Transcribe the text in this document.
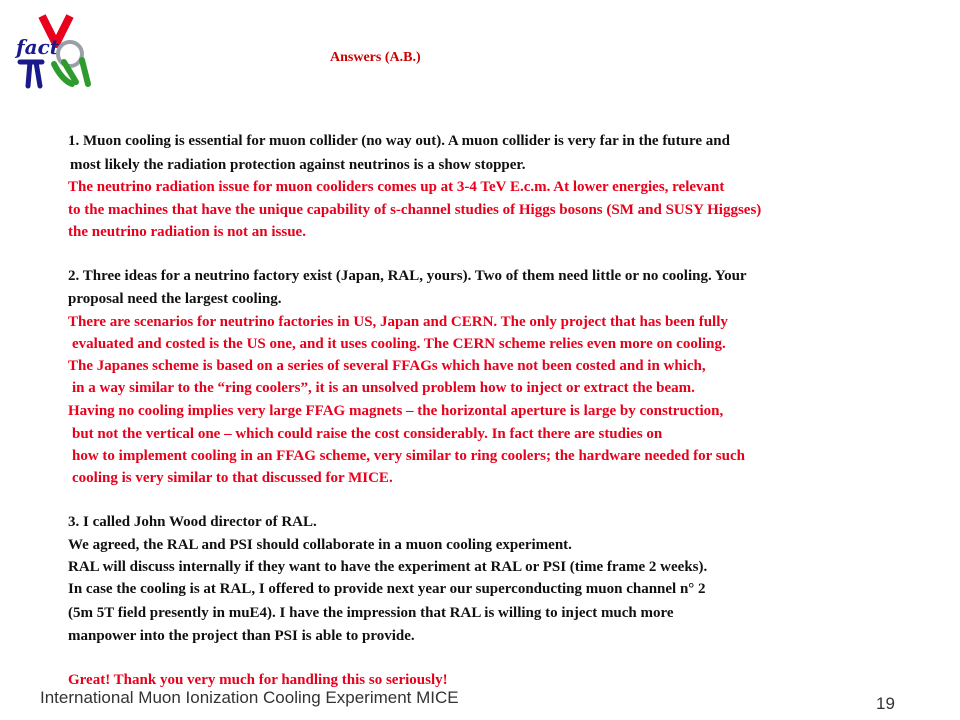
fact	Answers (A.B.)
1. Muon cooling is essential for muon collider (no way out). A muon collider is very far in the future and
most likely the radiation protection against neutrinos is a show stopper.
The neutrino radiation issue for muon cooliders comes up at 3-4 TeV E.c.m. At lower energies, relevant
to the machines that have the unique capability of s-channel studies of Higgs bosons (SM and SUSY Higgses)
the neutrino radiation is not an issue.
2. Three ideas for a neutrino factory exist (Japan, RAL, yours). Two of them need little or no cooling. Your
proposal need the largest cooling.
There are scenarios for neutrino factories in US, Japan and CERN. The only project that has been fully
evaluated and costed is the US one, and it uses cooling. The CERN scheme relies even more on cooling.
The Japanes scheme is based on a series of several FFAGs which have not been costed and in which,
in a way similar to the “ring coolers”, it is an unsolved problem how to inject or extract the beam.
Having no cooling implies very large FFAG magnets – the horizontal aperture is large by construction,
but not the vertical one – which could raise the cost considerably. In fact there are studies on
how to implement cooling in an FFAG scheme, very similar to ring coolers; the hardware needed for such
cooling is very similar to that discussed for MICE.
3. I called John Wood director of RAL.
We agreed, the RAL and PSI should collaborate in a muon cooling experiment.
RAL will discuss internally if they want to have the experiment at RAL or PSI (time frame 2 weeks).
In case the cooling is at RAL, I offered to provide next year our superconducting muon channel n° 2
(5m 5T field presently in muE4). I have the impression that RAL is willing to inject much more
manpower into the project than PSI is able to provide.
Great! Thank you very much for handling this so seriously!
International Muon Ionization Cooling Experiment MICE	19
